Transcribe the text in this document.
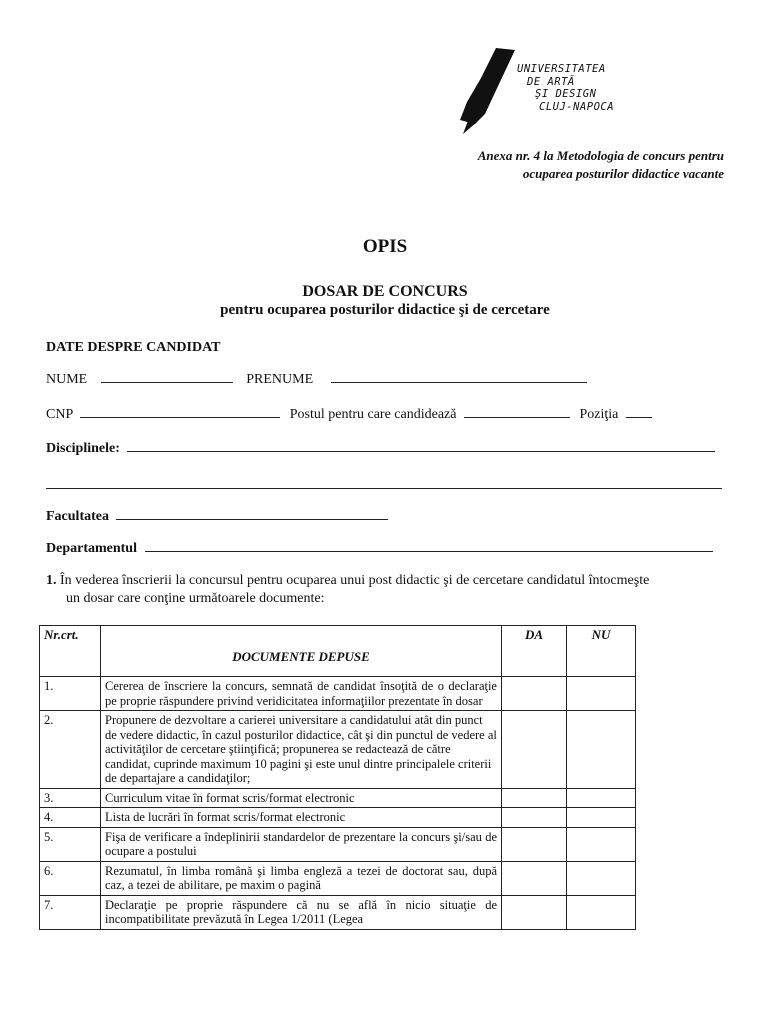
UNIVERSITATEA
DE ARTĂ
ŞI DESIGN
CLUJ-NAPOCA
Anexa nr. 4 la Metodologia de concurs pentru
ocuparea posturilor didactice vacante
OPIS
DOSAR DE CONCURS
pentru ocuparea posturilor didactice şi de cercetare
DATE DESPRE CANDIDAT
NUME	PRENUME
CNP	Postul pentru care candidează	Poziţia
Disciplinele:
Facultatea
Departamentul
1. În vederea înscrierii la concursul pentru ocuparea unui post didactic şi de cercetare candidatul întocmeşte
un dosar care conţine următoarele documente:
Nr.crt.	DOCUMENTE DEPUSE	DA	NU
1.	Cererea de înscriere la concurs, semnată de candidat însoţită de o declaraţie pe proprie răspundere privind veridicitatea informaţiilor prezentate în dosar		
2.	Propunere de dezvoltare a carierei universitare a candidatului atât din punct de vedere didactic, în cazul posturilor didactice, cât şi din punctul de vedere al activităţilor de cercetare ştiinţifică; propunerea se redactează de către candidat, cuprinde maximum 10 pagini şi este unul dintre principalele criterii de departajare a candidaţilor;		
3.	Curriculum vitae în format scris/format electronic		
4.	Lista de lucrări în format scris/format electronic		
5.	Fişa de verificare a îndeplinirii standardelor de prezentare la concurs şi/sau de ocupare a postului		
6.	Rezumatul, în limba română şi limba engleză a tezei de doctorat sau, după caz, a tezei de abilitare, pe maxim o pagină		
7.	Declaraţie pe proprie răspundere că nu se află în nicio situaţie de incompatibilitate prevăzută în Legea 1/2011 (Legea		
